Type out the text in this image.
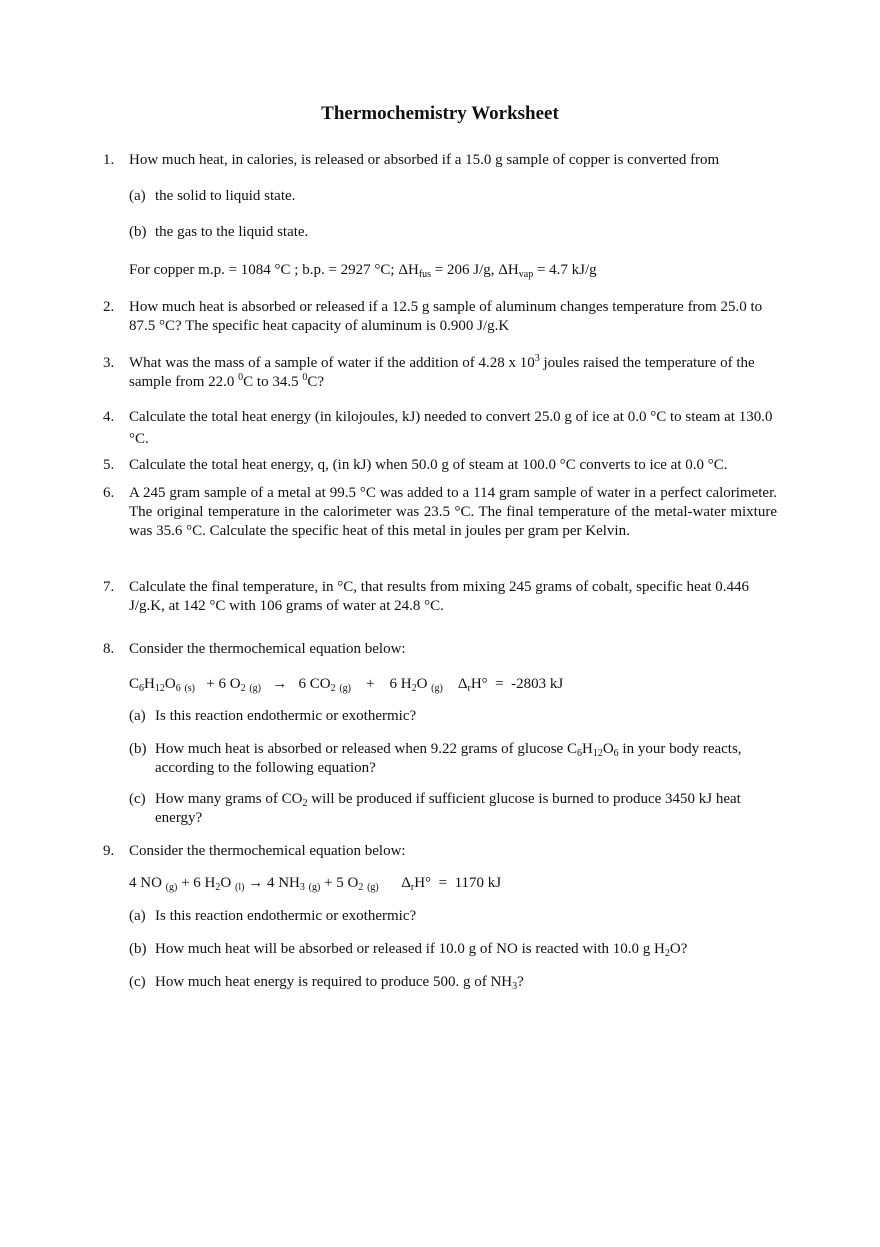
Thermochemistry Worksheet
1. How much heat, in calories, is released or absorbed if a 15.0 g sample of copper is converted from
(a) the solid to liquid state.
(b) the gas to the liquid state.
For copper m.p. = 1084 °C ; b.p. = 2927 °C; $\Delta H_{fus} = 206$ J/g, $\Delta H_{vap} = 4.7$ kJ/g
2. How much heat is absorbed or released if a 12.5 g sample of aluminum changes temperature from 25.0 to 87.5 °C? The specific heat capacity of aluminum is 0.900 J/g.K
3. What was the mass of a sample of water if the addition of 4.28 x $10^3$ joules raised the temperature of the sample from 22.0 $^0$C to 34.5 $^0$C?
4. Calculate the total heat energy (in kilojoules, kJ) needed to convert 25.0 g of ice at 0.0 °C to steam at 130.0 °C.
5. Calculate the total heat energy, q, (in kJ) when 50.0 g of steam at 100.0 °C converts to ice at 0.0 °C.
6. A 245 gram sample of a metal at 99.5 °C was added to a 114 gram sample of water in a perfect calorimeter. The original temperature in the calorimeter was 23.5 °C. The final temperature of the metal-water mixture was 35.6 °C. Calculate the specific heat of this metal in joules per gram per Kelvin.
7. Calculate the final temperature, in °C, that results from mixing 245 grams of cobalt, specific heat 0.446 J/g.K, at 142 °C with 106 grams of water at 24.8 °C.
8. Consider the thermochemical equation below:
$C_6H_{12}O_6$ $_{(s)}$ + 6 $O_2$ $_{(g)}$ → 6 $CO_2$ $_{(g)}$ + 6 $H_2O$ $_{(g)}$ $\Delta_rH^\circ = -2803$ kJ
(a) Is this reaction endothermic or exothermic?
(b) How much heat is absorbed or released when 9.22 grams of glucose $C_6H_{12}O_6$ in your body reacts, according to the following equation?
(c) How many grams of $CO_2$ will be produced if sufficient glucose is burned to produce 3450 kJ heat energy?
9. Consider the thermochemical equation below:
4 NO $_{(g)}$ + 6 $H_2O$ $_{(l)}$ → 4 $NH_3$ $_{(g)}$ + 5 $O_2$ $_{(g)}$ $\Delta_rH^\circ = 1170$ kJ
(a) Is this reaction endothermic or exothermic?
(b) How much heat will be absorbed or released if 10.0 g of NO is reacted with 10.0 g $H_2O$?
(c) How much heat energy is required to produce 500. g of $NH_3$?
